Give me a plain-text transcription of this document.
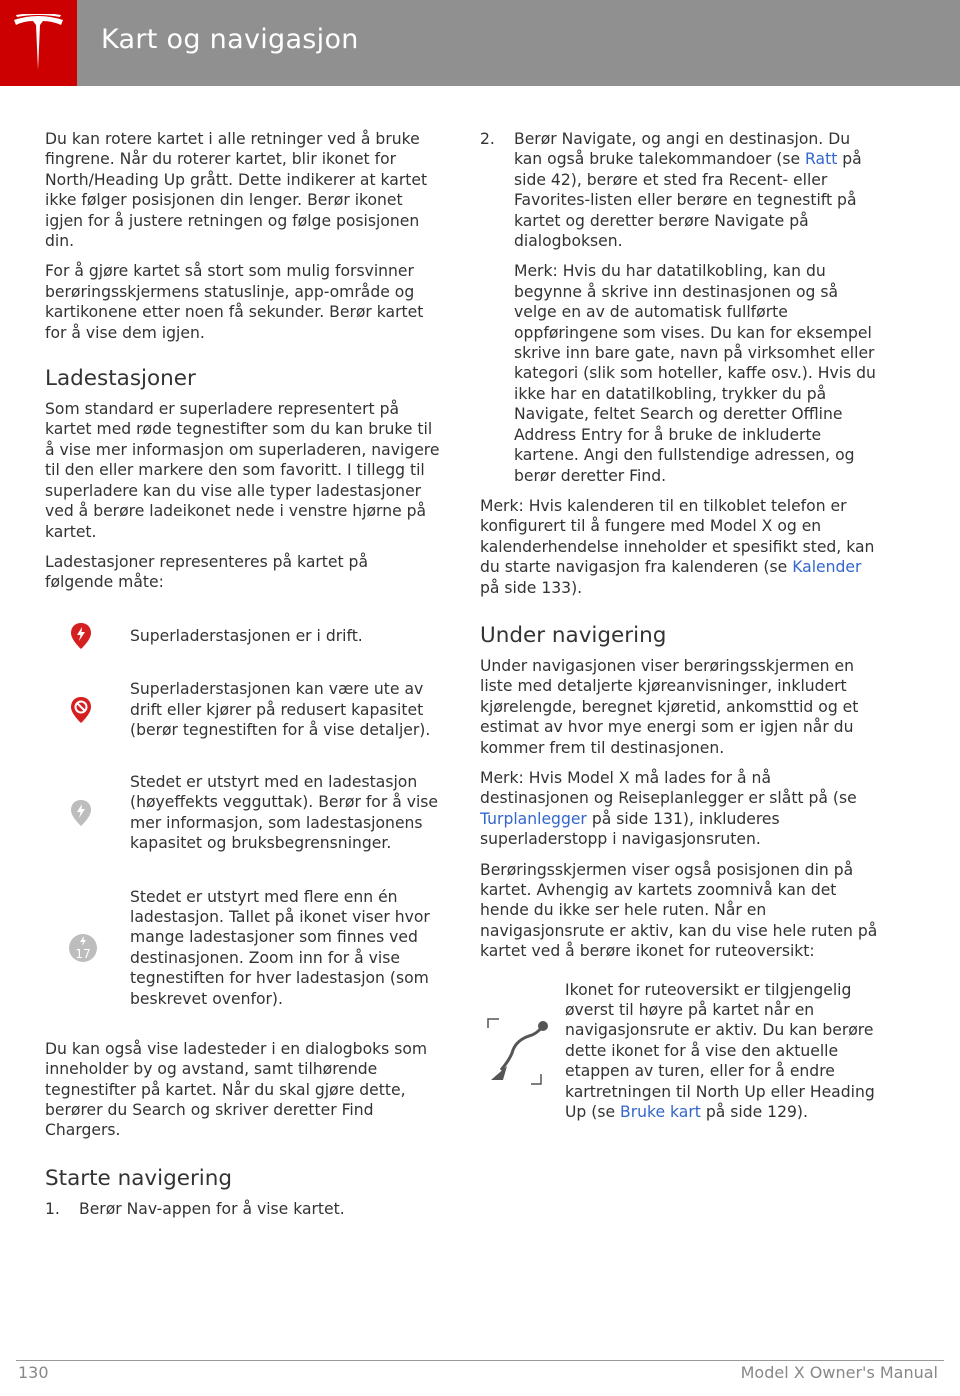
Kart og navigasjon

Du kan rotere kartet i alle retninger ved å bruke fingrene. Når du roterer kartet, blir ikonet for North/Heading Up grått. Dette indikerer at kartet ikke følger posisjonen din lenger. Berør ikonet igjen for å justere retningen og følge posisjonen din.

For å gjøre kartet så stort som mulig forsvinner berøringsskjermens statuslinje, app-område og kartikonene etter noen få sekunder. Berør kartet for å vise dem igjen.

Ladestasjoner

Som standard er superladere representert på kartet med røde tegnestifter som du kan bruke til å vise mer informasjon om superladeren, navigere til den eller markere den som favoritt. I tillegg til superladere kan du vise alle typer ladestasjoner ved å berøre ladeikonet nede i venstre hjørne på kartet.

Ladestasjoner representeres på kartet på følgende måte:

Superladerstasjonen er i drift.
Superladerstasjonen kan være ute av drift eller kjører på redusert kapasitet (berør tegnestiften for å vise detaljer).
Stedet er utstyrt med en ladestasjon (høyeffekts vegguttak). Berør for å vise mer informasjon, som ladestasjonens kapasitet og bruksbegrensninger.
17
Stedet er utstyrt med flere enn én ladestasjon. Tallet på ikonet viser hvor mange ladestasjoner som finnes ved destinasjonen. Zoom inn for å vise tegnestiften for hver ladestasjon (som beskrevet ovenfor).

Du kan også vise ladesteder i en dialogboks som inneholder by og avstand, samt tilhørende tegnestifter på kartet. Når du skal gjøre dette, berører du Search og skriver deretter Find Chargers.

Starte navigering
1. Berør Nav-appen for å vise kartet.
2. Berør Navigate, og angi en destinasjon. Du kan også bruke talekommandoer (se Ratt på side 42), berøre et sted fra Recent- eller Favorites-listen eller berøre en tegnestift på kartet og deretter berøre Navigate på dialogboksen.
Merk: Hvis du har datatilkobling, kan du begynne å skrive inn destinasjonen og så velge en av de automatisk fullførte oppføringene som vises. Du kan for eksempel skrive inn bare gate, navn på virksomhet eller kategori (slik som hoteller, kaffe osv.). Hvis du ikke har en datatilkobling, trykker du på Navigate, feltet Search og deretter Offline Address Entry for å bruke de inkluderte kartene. Angi den fullstendige adressen, og berør deretter Find.

Merk: Hvis kalenderen til en tilkoblet telefon er konfigurert til å fungere med Model X og en kalenderhendelse inneholder et spesifikt sted, kan du starte navigasjon fra kalenderen (se Kalender på side 133).

Under navigering

Under navigasjonen viser berøringsskjermen en liste med detaljerte kjøreanvisninger, inkludert kjørelengde, beregnet kjøretid, ankomsttid og et estimat av hvor mye energi som er igjen når du kommer frem til destinasjonen.

Merk: Hvis Model X må lades for å nå destinasjonen og Reiseplanlegger er slått på (se Turplanlegger på side 131), inkluderes superladerstopp i navigasjonsruten.

Berøringsskjermen viser også posisjonen din på kartet. Avhengig av kartets zoomnivå kan det hende du ikke ser hele ruten. Når en navigasjonsrute er aktiv, kan du vise hele ruten på kartet ved å berøre ikonet for ruteoversikt:

Ikonet for ruteoversikt er tilgjengelig øverst til høyre på kartet når en navigasjonsrute er aktiv. Du kan berøre dette ikonet for å vise den aktuelle etappen av turen, eller for å endre kartretningen til North Up eller Heading Up (se Bruke kart på side 129).
130	Model X Owner's Manual
